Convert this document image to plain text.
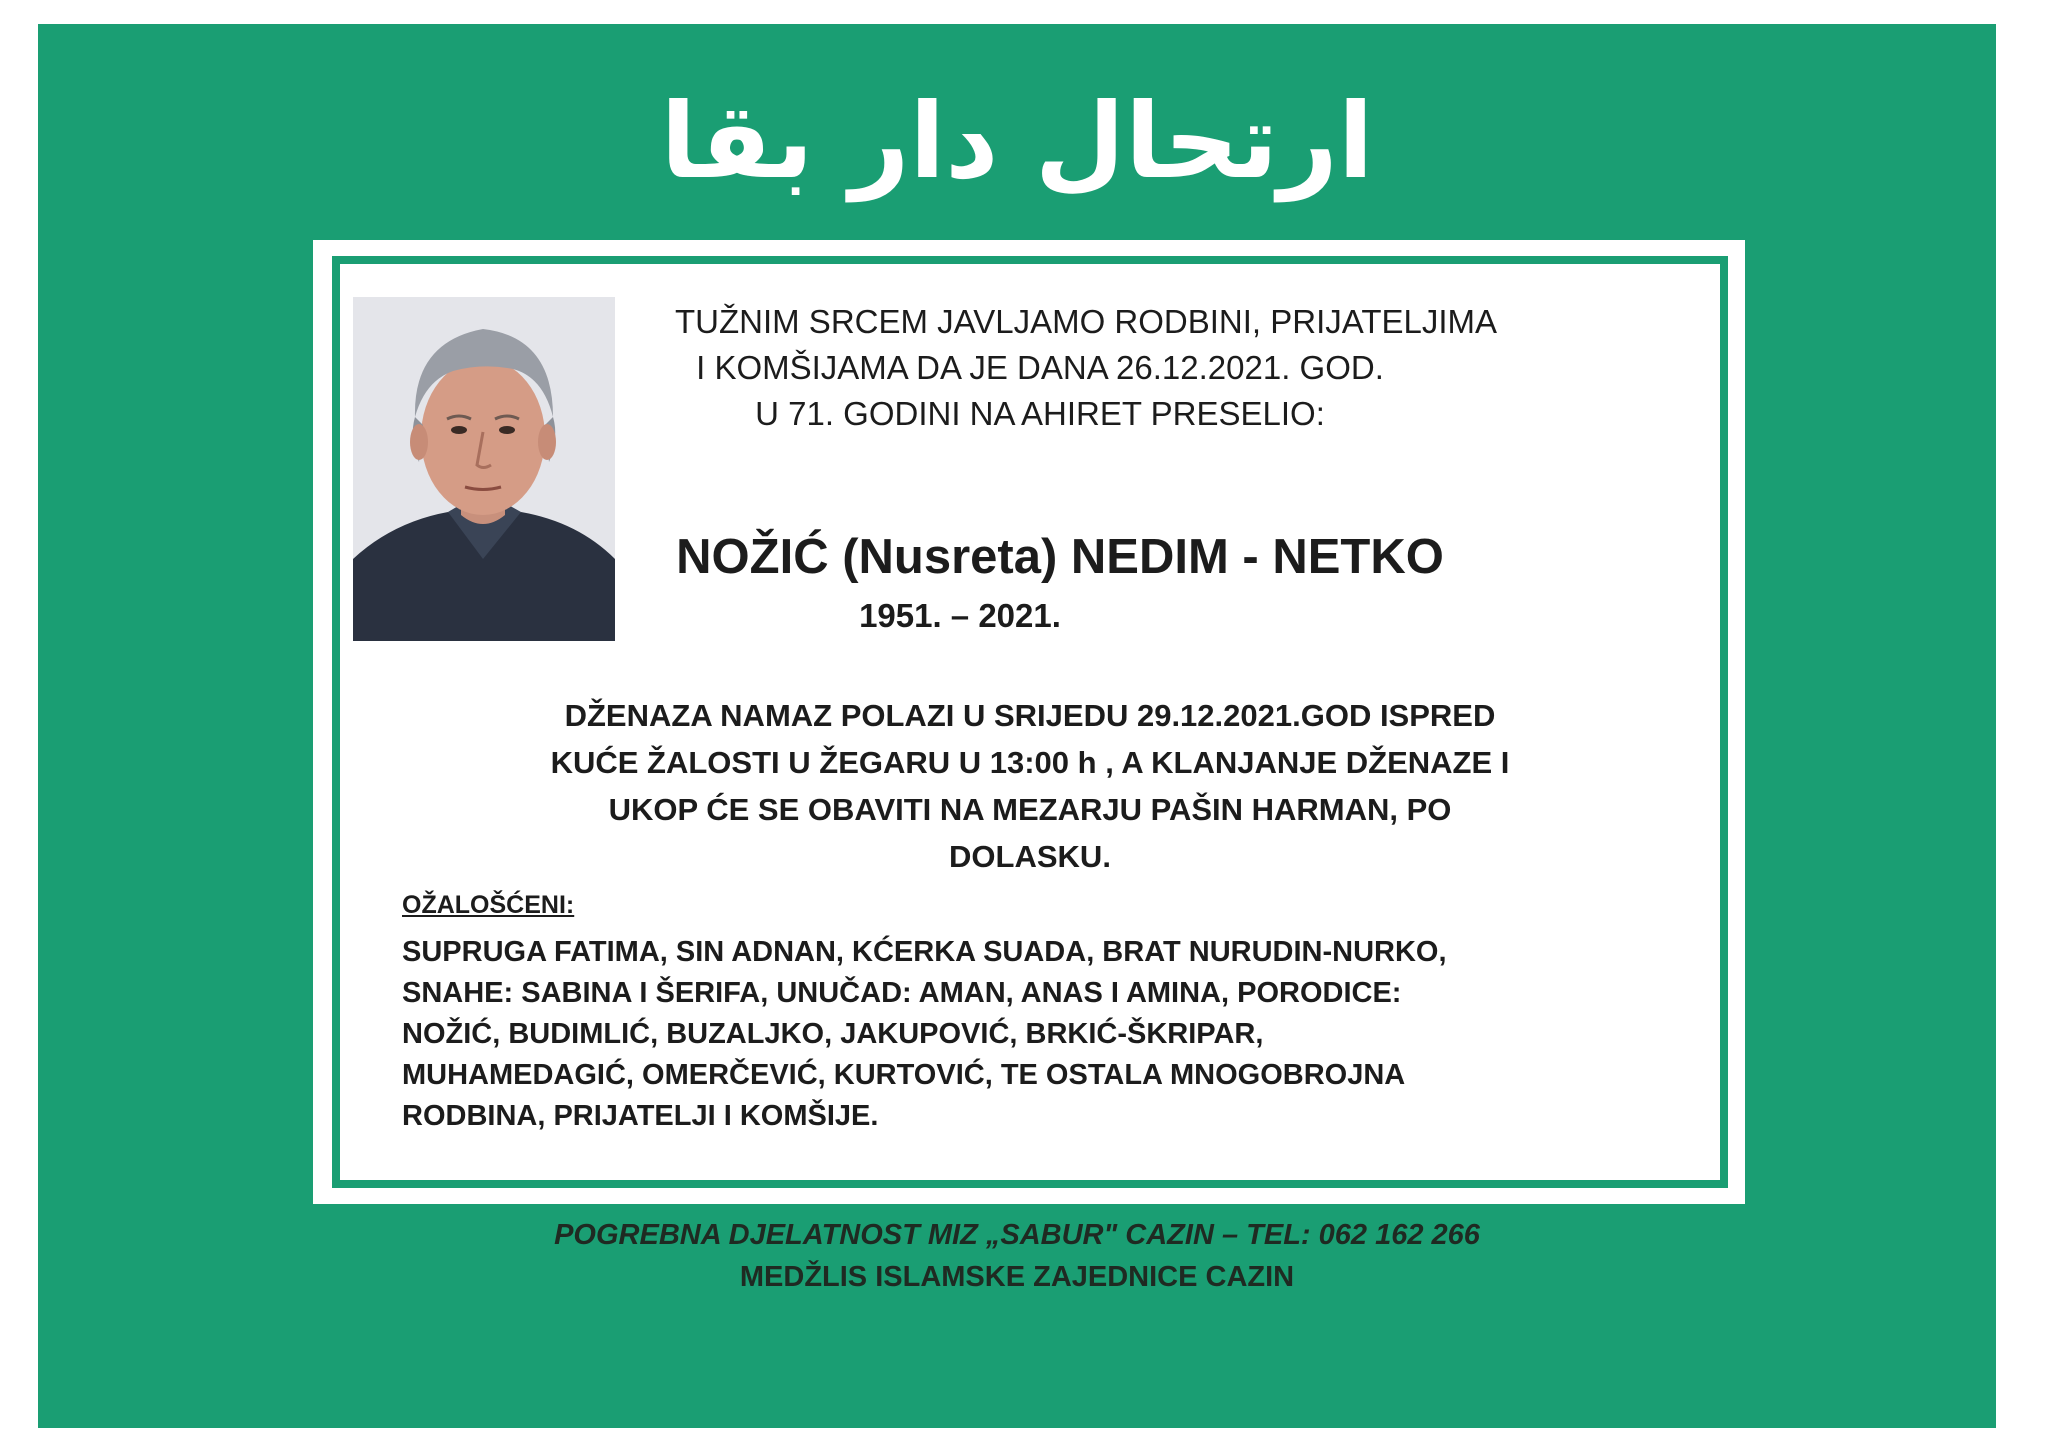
ارتحال دار بقا
TUŽNIM SRCEM JAVLJAMO RODBINI, PRIJATELJIMA
I KOMŠIJAMA DA JE DANA 26.12.2021. GOD.
U 71. GODINI NA AHIRET PRESELIO:
NOŽIĆ (Nusreta) NEDIM - NETKO
1951. – 2021.
DŽENAZA NAMAZ POLAZI U SRIJEDU 29.12.2021.GOD ISPRED
KUĆE ŽALOSTI U ŽEGARU U 13:00 h , A KLANJANJE DŽENAZE I
UKOP ĆE SE OBAVITI NA MEZARJU PAŠIN HARMAN, PO
DOLASKU.
OŽALOŠĆENI:
SUPRUGA FATIMA, SIN ADNAN, KĆERKA SUADA, BRAT NURUDIN-NURKO,
SNAHE: SABINA I ŠERIFA, UNUČAD: AMAN, ANAS I AMINA, PORODICE:
NOŽIĆ, BUDIMLIĆ, BUZALJKO, JAKUPOVIĆ, BRKIĆ-ŠKRIPAR,
MUHAMEDAGIĆ, OMERČEVIĆ, KURTOVIĆ, TE OSTALA MNOGOBROJNA
RODBINA, PRIJATELJI I KOMŠIJE.
POGREBNA DJELATNOST MIZ „SABUR" CAZIN – TEL: 062 162 266
MEDŽLIS ISLAMSKE ZAJEDNICE CAZIN
